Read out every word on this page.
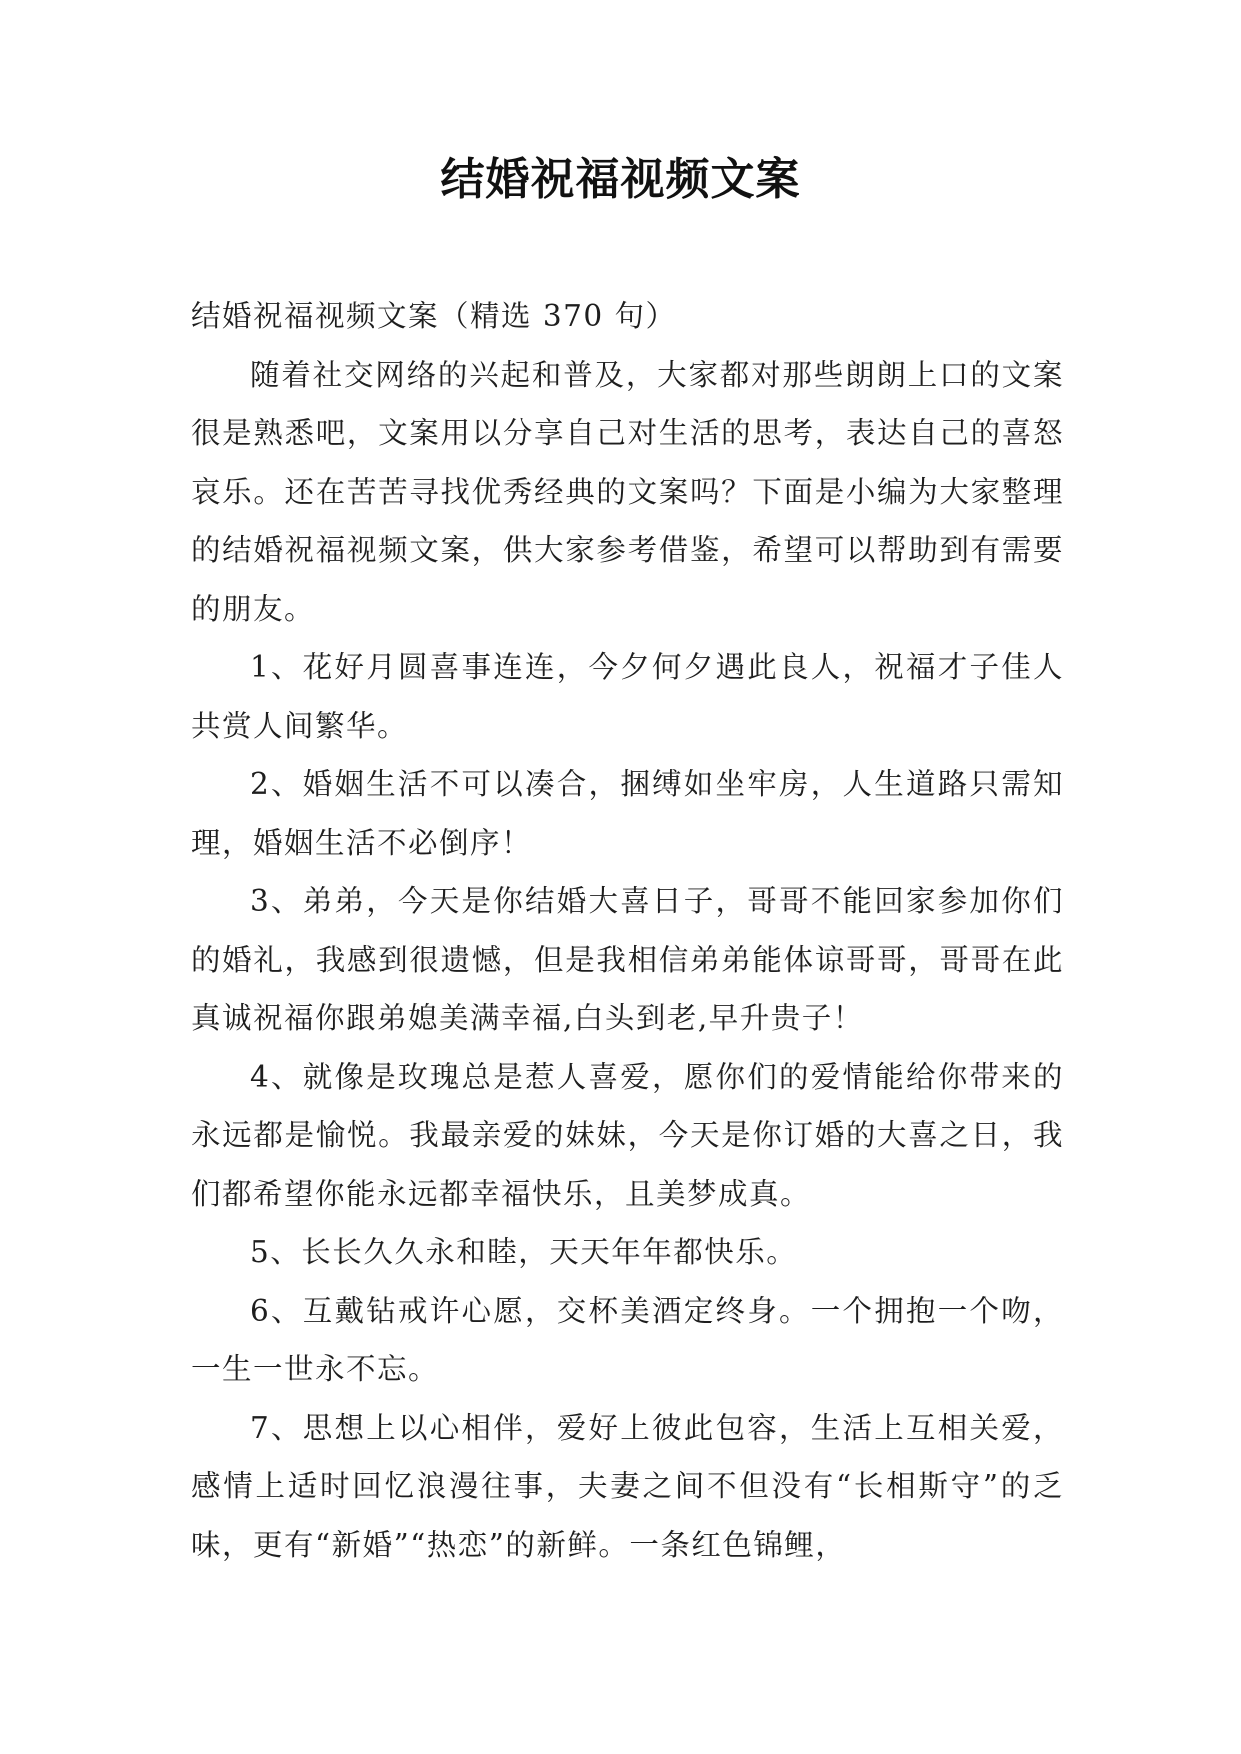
结婚祝福视频文案

结婚祝福视频文案（精选 370 句）

随着社交网络的兴起和普及，大家都对那些朗朗上口的文案很是熟悉吧，文案用以分享自己对生活的思考，表达自己的喜怒哀乐。还在苦苦寻找优秀经典的文案吗？下面是小编为大家整理的结婚祝福视频文案，供大家参考借鉴，希望可以帮助到有需要的朋友。

1、花好月圆喜事连连，今夕何夕遇此良人，祝福才子佳人共赏人间繁华。

2、婚姻生活不可以凑合，捆缚如坐牢房，人生道路只需知理，婚姻生活不必倒序！

3、弟弟，今天是你结婚大喜日子，哥哥不能回家参加你们的婚礼，我感到很遗憾，但是我相信弟弟能体谅哥哥，哥哥在此真诚祝福你跟弟媳美满幸福,白头到老,早升贵子！

4、就像是玫瑰总是惹人喜爱，愿你们的爱情能给你带来的永远都是愉悦。我最亲爱的妹妹，今天是你订婚的大喜之日，我们都希望你能永远都幸福快乐，且美梦成真。

5、长长久久永和睦，天天年年都快乐。

6、互戴钻戒许心愿，交杯美酒定终身。一个拥抱一个吻，一生一世永不忘。

7、思想上以心相伴，爱好上彼此包容，生活上互相关爱，感情上适时回忆浪漫往事，夫妻之间不但没有“长相斯守”的乏味，更有“新婚”“热恋”的新鲜。一条红色锦鲤，
